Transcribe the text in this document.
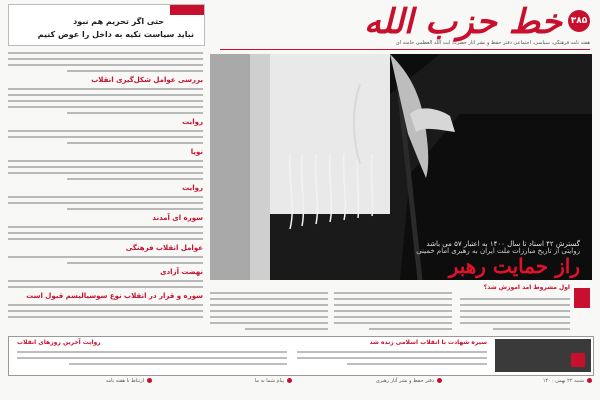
۳۸۵
خط حزب الله
هفته نامه فرهنگی، سیاسی، اجتماعی دفتر حفظ و نشر آثار حضرت آیت الله العظمی خامنه ای
حتی اگر تحریم هم نبود
نباید سیاست تکیه به داخل را عوض کنیم
بررسی عوامل شکل‌گیری انقلاب
روایت
نوپا
روایت
سوره ای آمدند
عوامل انقلاب فرهنگی
نهضت آزادی
سوره و قرار در انقلاب نوع سوسیالیسم قبول است
گسترش ۴۲ اسناد تا سال ۱۴۰۰ به اعتبار ۵۷ می باشد
روایتی از تاریخ مبارزات ملت ایران به رهبری امام خمینی
راز حمایت رهبر
اول مشروط آمد آموزش شد؟
سیره شهادت با انقلاب اسلامی زنده شد
روایت آخرین روزهای انقلاب
شنبه ۲۲ بهمن ۱۴۰۰
دفتر حفظ و نشر آثار رهبری
پیام شما به ما
ارتباط با هفته نامه
